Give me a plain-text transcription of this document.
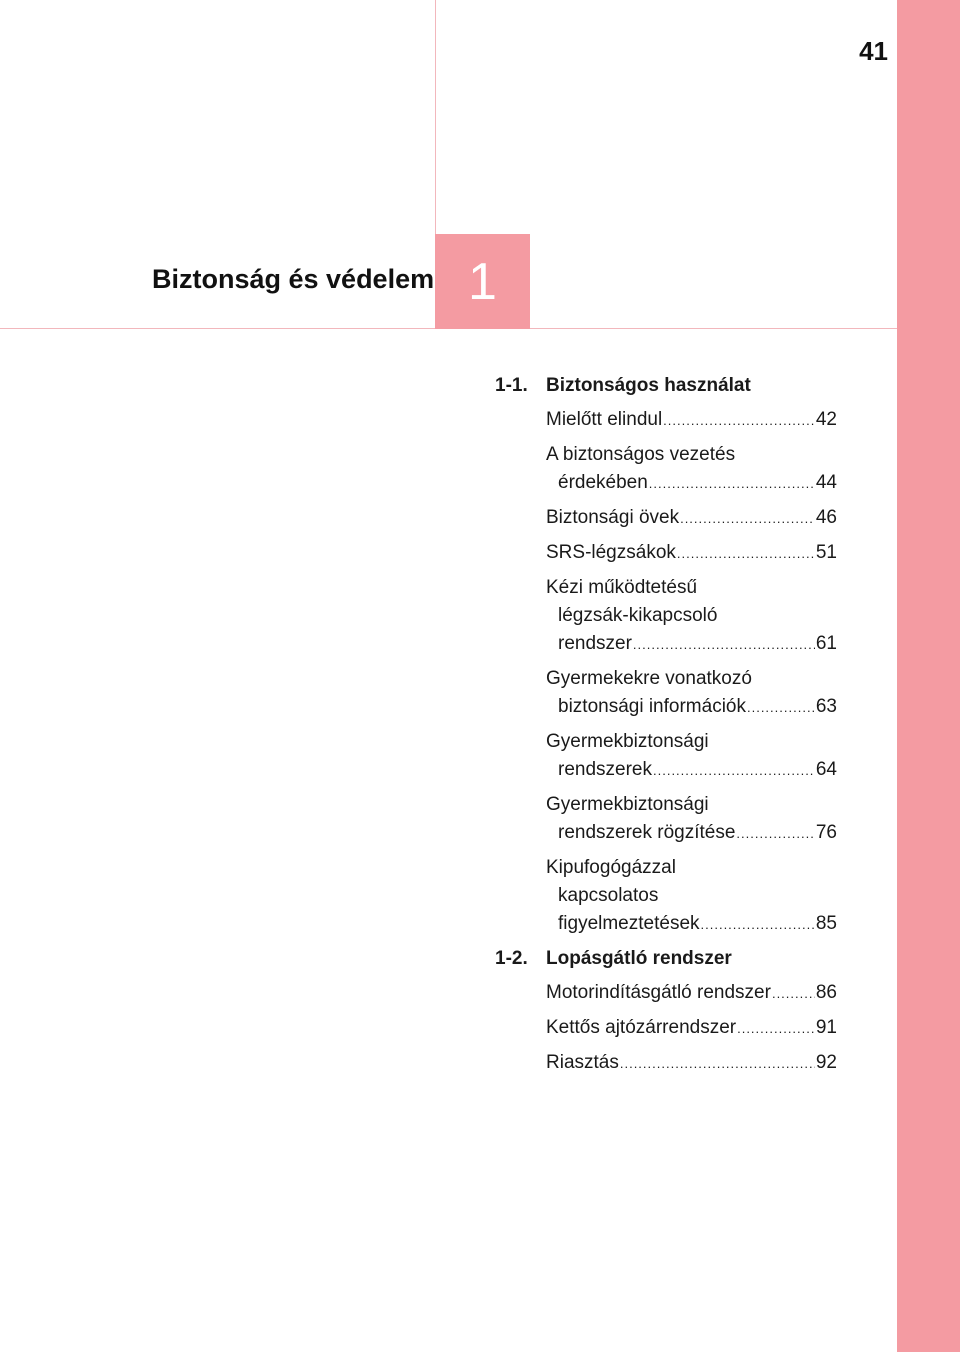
41
Biztonság és védelem 1
1-1. Biztonságos használat
Mielőtt elindul .....	42
A biztonságos vezetés
érdekében .....	44
Biztonsági övek .....	46
SRS-légzsákok .....	51
Kézi működtetésű
légzsák-kikapcsoló
rendszer .....	61
Gyermekekre vonatkozó
biztonsági információk .....	63
Gyermekbiztonsági
rendszerek .....	64
Gyermekbiztonsági
rendszerek rögzítése .....	76
Kipufogógázzal
kapcsolatos
figyelmeztetések .....	85
1-2. Lopásgátló rendszer
Motorindításgátló rendszer ..... 86
Kettős ajtózárrendszer .....	91
Riasztás .....	92
